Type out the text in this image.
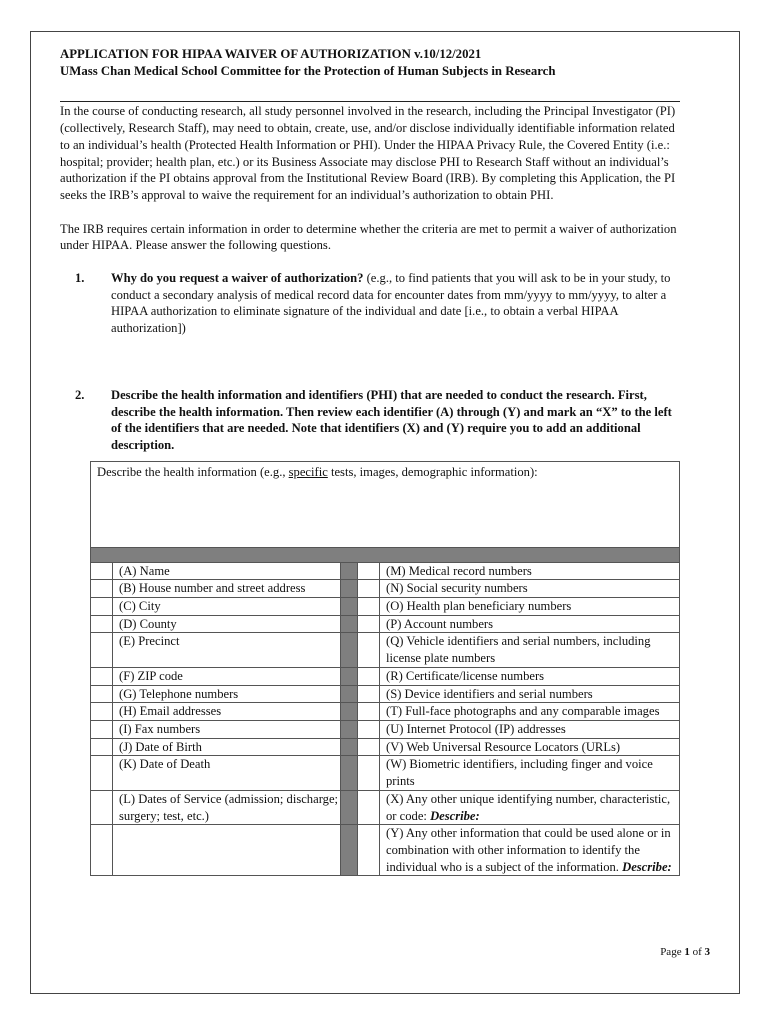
APPLICATION FOR HIPAA WAIVER OF AUTHORIZATION v.10/12/2021

UMass Chan Medical School Committee for the Protection of Human Subjects in Research

In the course of conducting research, all study personnel involved in the research, including the Principal Investigator (PI) (collectively, Research Staff), may need to obtain, create, use, and/or disclose individually identifiable information related to an individual’s health (Protected Health Information or PHI). Under the HIPAA Privacy Rule, the Covered Entity (i.e.: hospital; provider; health plan, etc.) or its Business Associate may disclose PHI to Research Staff without an individual’s authorization if the PI obtains approval from the Institutional Review Board (IRB). By completing this Application, the PI seeks the IRB’s approval to waive the requirement for an individual’s authorization to obtain PHI.

The IRB requires certain information in order to determine whether the criteria are met to permit a waiver of authorization under HIPAA. Please answer the following questions.

1.	Why do you request a waiver of authorization? (e.g., to find patients that you will ask to be in your study, to conduct a secondary analysis of medical record data for encounter dates from mm/yyyy to mm/yyyy, to alter a HIPAA authorization to eliminate signature of the individual and date [i.e., to obtain a verbal HIPAA authorization])
2.	Describe the health information and identifiers (PHI) that are needed to conduct the research. First, describe the health information. Then review each identifier (A) through (Y) and mark an “X” to the left of the identifiers that are needed. Note that identifiers (X) and (Y) require you to add an additional description.
Describe the health information (e.g., specific tests, images, demographic information):				

	(A) Name			(M) Medical record numbers
	(B) House number and street address			(N) Social security numbers
	(C) City			(O) Health plan beneficiary numbers
	(D) County			(P) Account numbers
	(E) Precinct			(Q) Vehicle identifiers and serial numbers, including license plate numbers
	(F) ZIP code			(R) Certificate/license numbers
	(G) Telephone numbers			(S) Device identifiers and serial numbers
	(H) Email addresses			(T) Full-face photographs and any comparable images
	(I) Fax numbers			(U) Internet Protocol (IP) addresses
	(J) Date of Birth			(V) Web Universal Resource Locators (URLs)
	(K) Date of Death			(W) Biometric identifiers, including finger and voice prints
	(L) Dates of Service (admission; discharge; surgery; test, etc.)			(X) Any other unique identifying number, characteristic, or code: Describe:
				(Y) Any other information that could be used alone or in combination with other information to identify the individual who is a subject of the information. Describe:
Page 1 of 3
